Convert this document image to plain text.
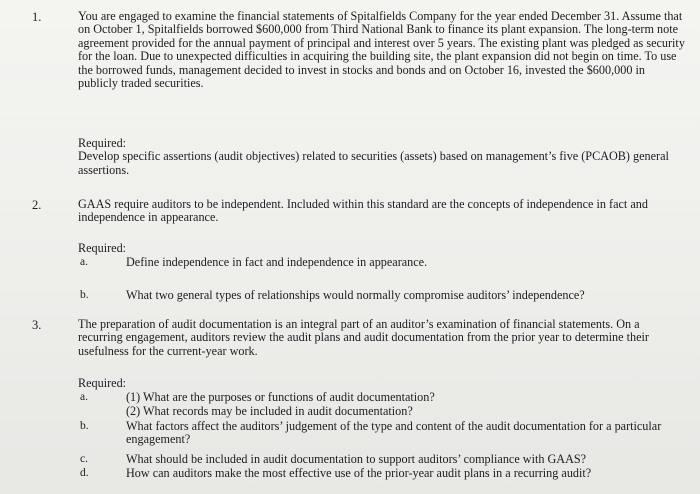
1.	You are engaged to examine the financial statements of Spitalfields Company for the year ended December 31. Assume that on October 1, Spitalfields borrowed $600,000 from Third National Bank to finance its plant expansion. The long-term note agreement provided for the annual payment of principal and interest over 5 years. The existing plant was pledged as security for the loan. Due to unexpected difficulties in acquiring the building site, the plant expansion did not begin on time. To use the borrowed funds, management decided to invest in stocks and bonds and on October 16, invested the $600,000 in publicly traded securities.

Required:

Develop specific assertions (audit objectives) related to securities (assets) based on management’s five (PCAOB) general assertions.

2.	GAAS require auditors to be independent. Included within this standard are the concepts of independence in fact and independence in appearance.

Required:

a.	Define independence in fact and independence in appearance.
b.	What two general types of relationships would normally compromise auditors’ independence?
3.	The preparation of audit documentation is an integral part of an auditor’s examination of financial statements. On a recurring engagement, auditors review the audit plans and audit documentation from the prior year to determine their usefulness for the current-year work.

Required:

a.	(1) What are the purposes or functions of audit documentation?
(2) What records may be included in audit documentation?
b.	What factors affect the auditors’ judgement of the type and content of the audit documentation for a particular engagement?
c.	What should be included in audit documentation to support auditors’ compliance with GAAS?
d.	How can auditors make the most effective use of the prior-year audit plans in a recurring audit?
